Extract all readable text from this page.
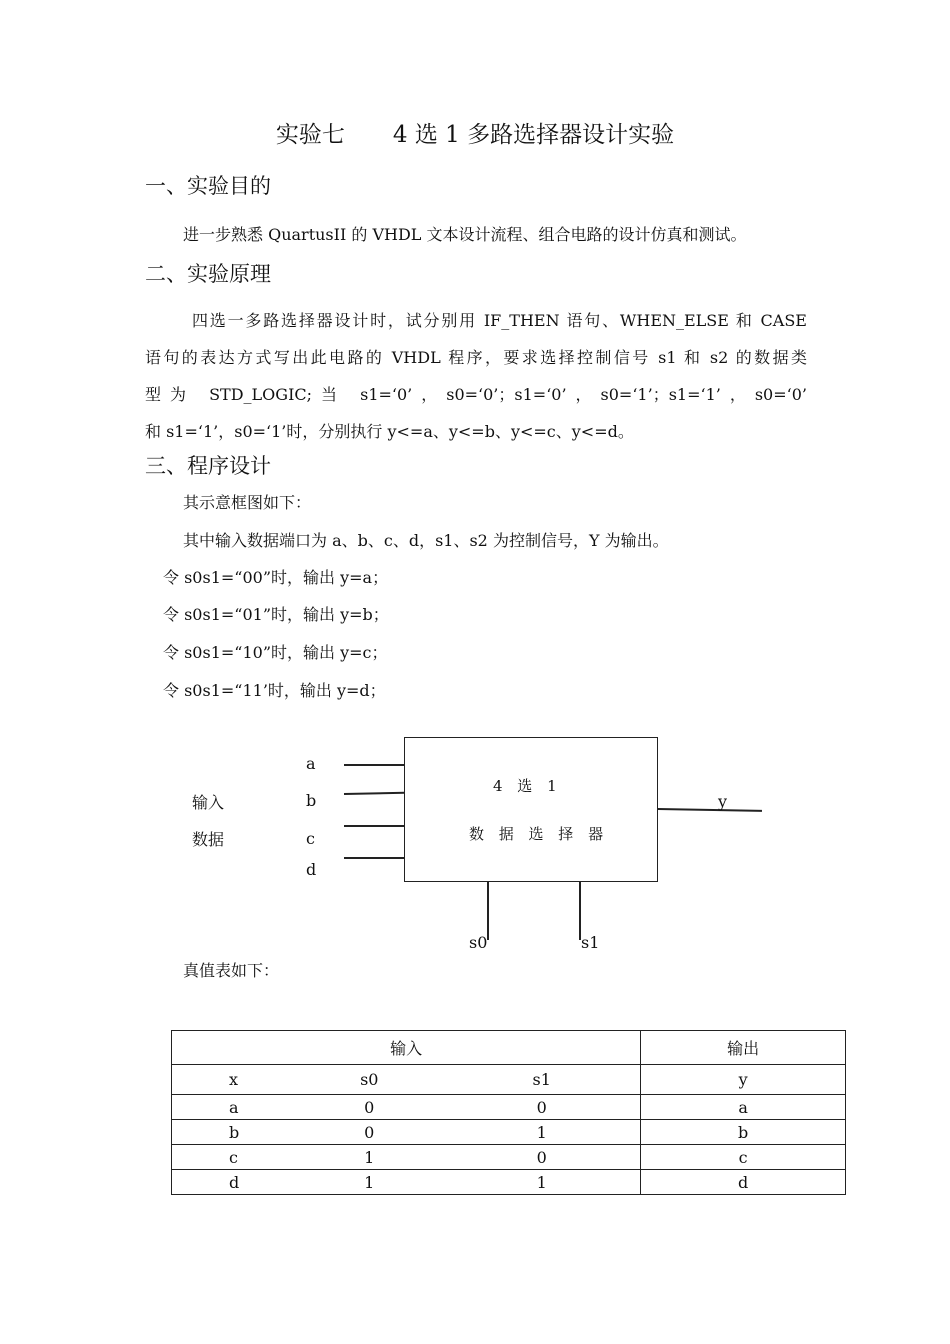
实验七 4 选 1 多路选择器设计实验
一、实验目的
进一步熟悉 QuartusII 的 VHDL 文本设计流程、组合电路的设计仿真和测试。
二、实验原理
四选一多路选择器设计时，试分别用 IF_THEN 语句、WHEN_ELSE 和 CASE
语句的表达方式写出此电路的 VHDL 程序，要求选择控制信号 s1 和 s2 的数据类
型为 STD_LOGIC;当 s1=‘0’，s0=‘0’；s1=‘0’，s0=‘1’；s1=‘1’，s0=‘0’
和 s1=‘1’，s0=‘1’时，分别执行 y<=a、y<=b、y<=c、y<=d。
三、程序设计
其示意框图如下：
其中输入数据端口为 a、b、c、d，s1、s2 为控制信号，Y 为输出。
令 s0s1=“00”时，输出 y=a；
令 s0s1=“01”时，输出 y=b；
令 s0s1=“10”时，输出 y=c；
令 s0s1=“11’时，输出 y=d；
输入
数据
a
b
c
d
4 选 1
数 据 选 择 器
y
s0	s1
真值表如下：
输入			输出
x	s0	s1	y
a	0	0	a
b	0	1	b
c	1	0	c
d	1	1	d
